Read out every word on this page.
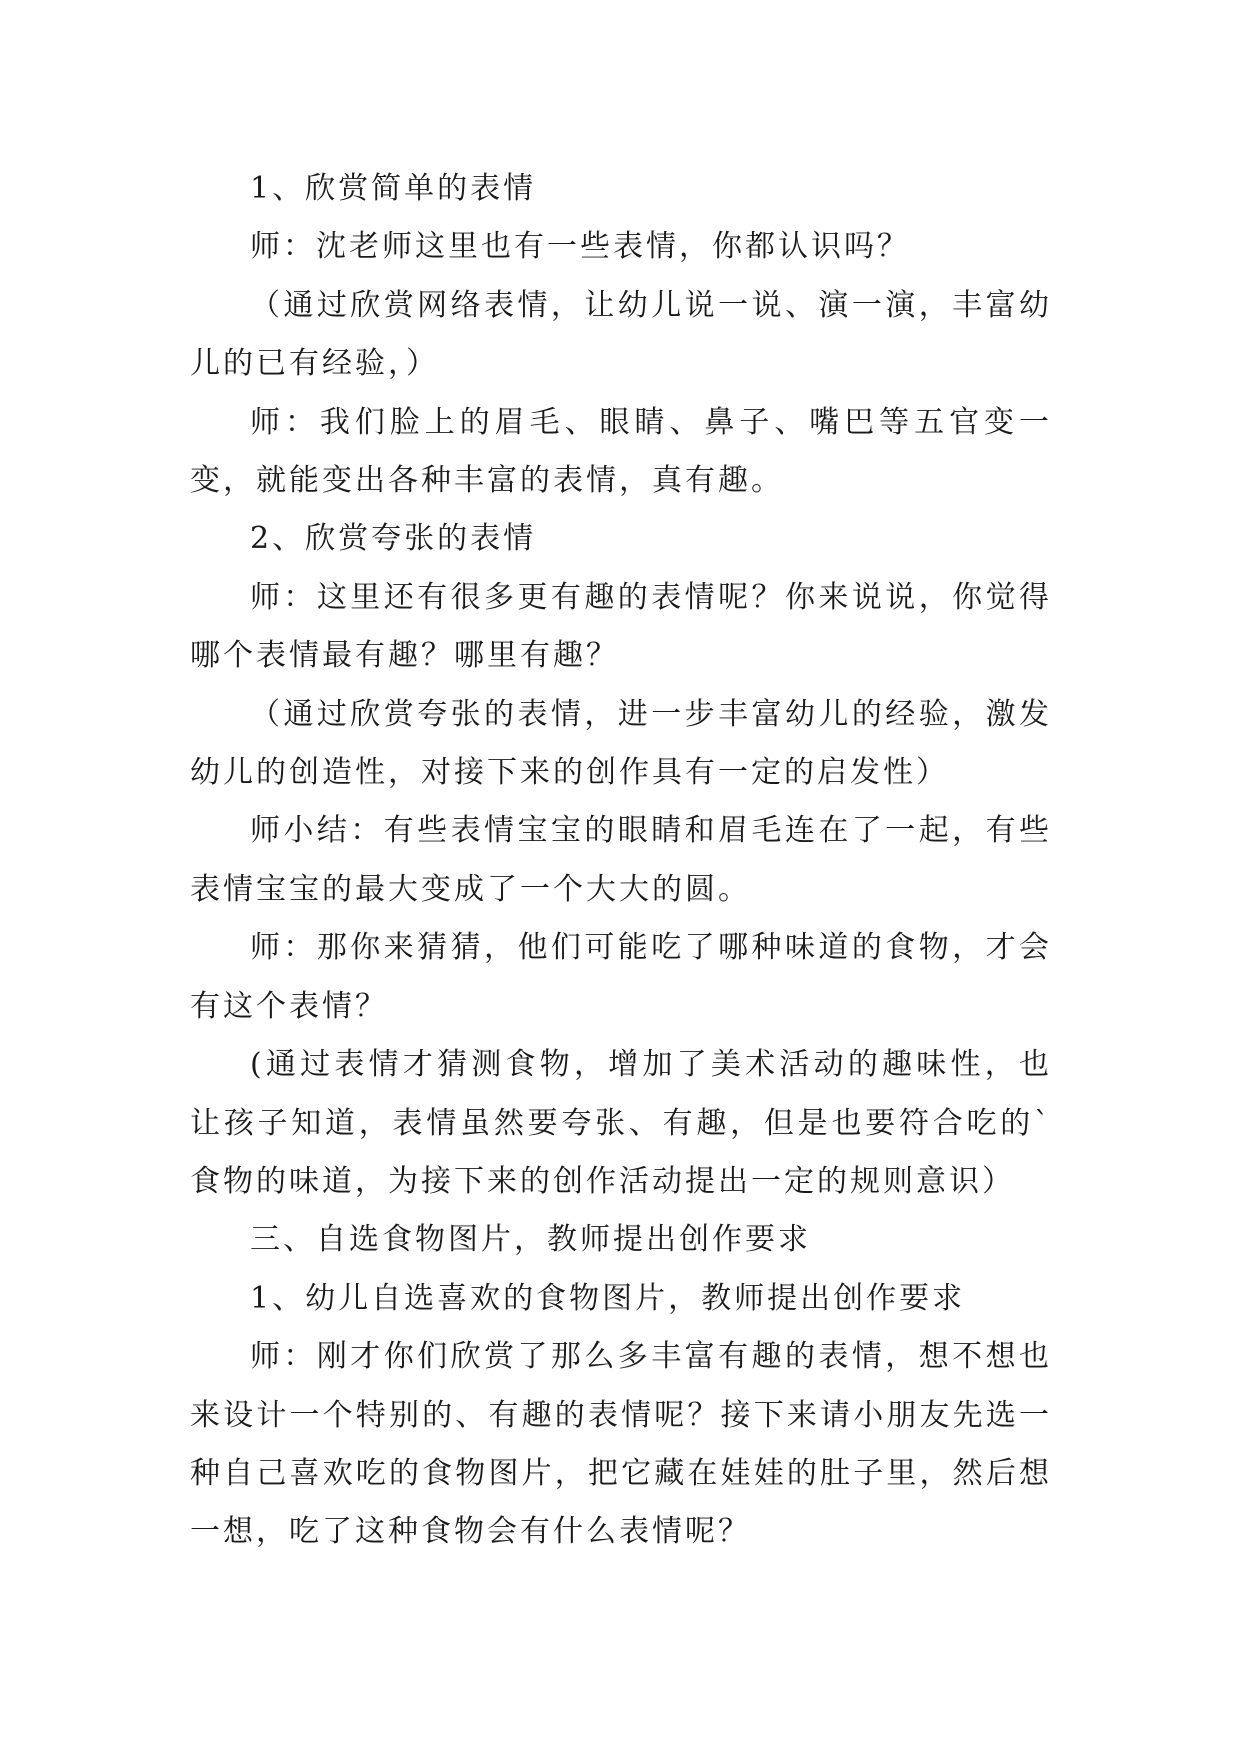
1、欣赏简单的表情

师：沈老师这里也有一些表情，你都认识吗？

（通过欣赏网络表情，让幼儿说一说、演一演，丰富幼儿的已有经验，）

师：我们脸上的眉毛、眼睛、鼻子、嘴巴等五官变一变，就能变出各种丰富的表情，真有趣。

2、欣赏夸张的表情

师：这里还有很多更有趣的表情呢？你来说说，你觉得哪个表情最有趣？哪里有趣？

（通过欣赏夸张的表情，进一步丰富幼儿的经验，激发幼儿的创造性，对接下来的创作具有一定的启发性）

师小结：有些表情宝宝的眼睛和眉毛连在了一起，有些表情宝宝的最大变成了一个大大的圆。

师：那你来猜猜，他们可能吃了哪种味道的食物，才会有这个表情？

(通过表情才猜测食物，增加了美术活动的趣味性，也让孩子知道，表情虽然要夸张、有趣，但是也要符合吃的`食物的味道，为接下来的创作活动提出一定的规则意识）

三、自选食物图片，教师提出创作要求

1、幼儿自选喜欢的食物图片，教师提出创作要求

师：刚才你们欣赏了那么多丰富有趣的表情，想不想也来设计一个特别的、有趣的表情呢？接下来请小朋友先选一种自己喜欢吃的食物图片，把它藏在娃娃的肚子里，然后想一想，吃了这种食物会有什么表情呢？
